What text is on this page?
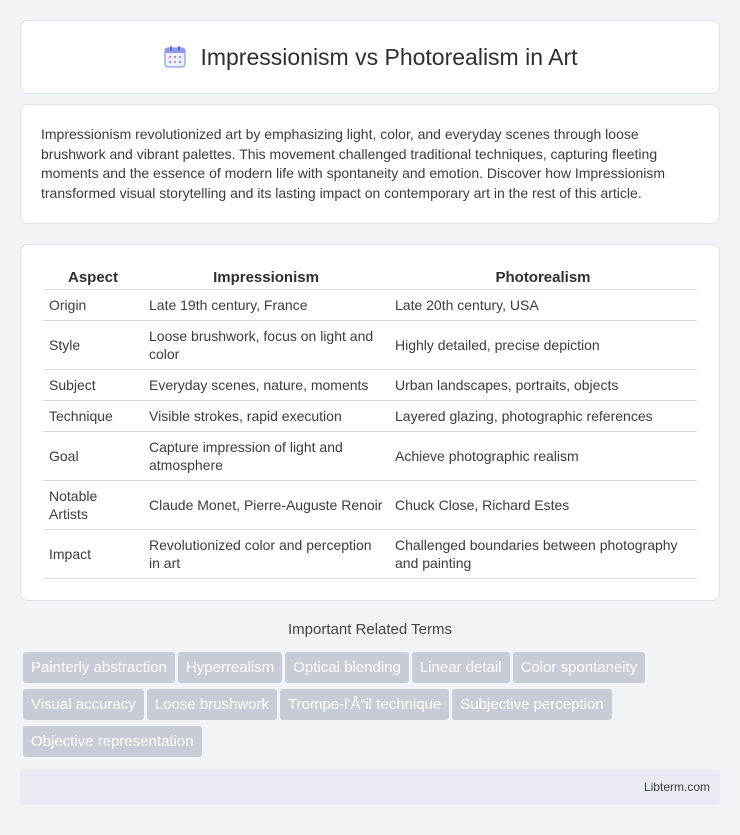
Impressionism vs Photorealism in Art

Impressionism revolutionized art by emphasizing light, color, and everyday scenes through loose brushwork and vibrant palettes. This movement challenged traditional techniques, capturing fleeting moments and the essence of modern life with spontaneity and emotion. Discover how Impressionism transformed visual storytelling and its lasting impact on contemporary art in the rest of this article.

Aspect	Impressionism	Photorealism
Origin	Late 19th century, France	Late 20th century, USA
Style	Loose brushwork, focus on light and color	Highly detailed, precise depiction
Subject	Everyday scenes, nature, moments	Urban landscapes, portraits, objects
Technique	Visible strokes, rapid execution	Layered glazing, photographic references
Goal	Capture impression of light and atmosphere	Achieve photographic realism
Notable Artists	Claude Monet, Pierre-Auguste Renoir	Chuck Close, Richard Estes
Impact	Revolutionized color and perception in art	Challenged boundaries between photography and painting
Important Related Terms
Painterly abstraction Hyperrealism Optical blending Linear detail Color spontaneityVisual accuracy Loose brushwork Trompe-l'Å“il technique Subjective perceptionObjective representation
Libterm.com
